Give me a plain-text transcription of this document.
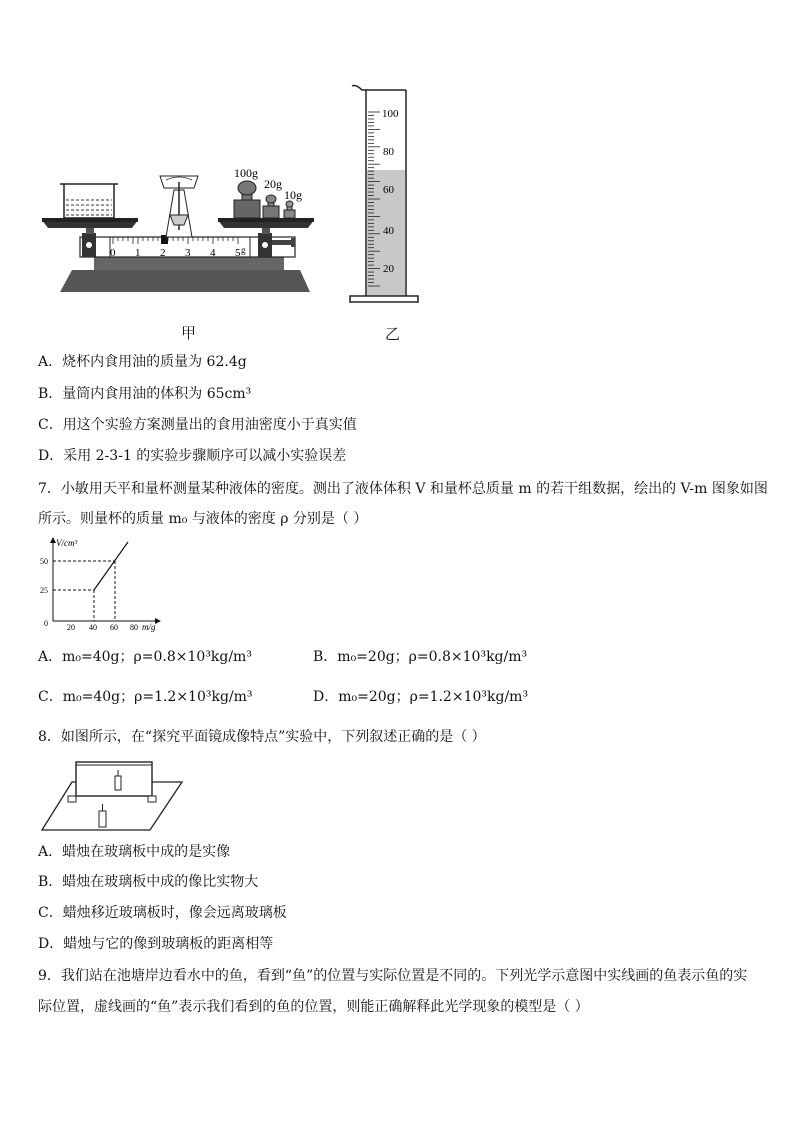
0 1 2 3 4 5 g
100g
20g
10g
100
80
60
40
20
甲	乙
A．烧杯内食用油的质量为 62.4g
B．量筒内食用油的体积为 65cm³
C．用这个实验方案测量出的食用油密度小于真实值
D．采用 2-3-1 的实验步骤顺序可以减小实验误差
7．小敏用天平和量杯测量某种液体的密度。测出了液体体积 V 和量杯总质量 m 的若干组数据，绘出的 V-m 图象如图
所示。则量杯的质量 m₀ 与液体的密度 ρ 分别是（ ）
V/cm³
m/g
0
50
25
20 40 60 80
A．m₀=40g；ρ=0.8×10³kg/m³	B．m₀=20g；ρ=0.8×10³kg/m³
C．m₀=40g；ρ=1.2×10³kg/m³	D．m₀=20g；ρ=1.2×10³kg/m³
8．如图所示，在“探究平面镜成像特点”实验中，下列叙述正确的是（ ）
A．蜡烛在玻璃板中成的是实像
B．蜡烛在玻璃板中成的像比实物大
C．蜡烛移近玻璃板时，像会远离玻璃板
D．蜡烛与它的像到玻璃板的距离相等
9．我们站在池塘岸边看水中的鱼，看到“鱼”的位置与实际位置是不同的。下列光学示意图中实线画的鱼表示鱼的实
际位置，虚线画的“鱼”表示我们看到的鱼的位置，则能正确解释此光学现象的模型是（ ）
